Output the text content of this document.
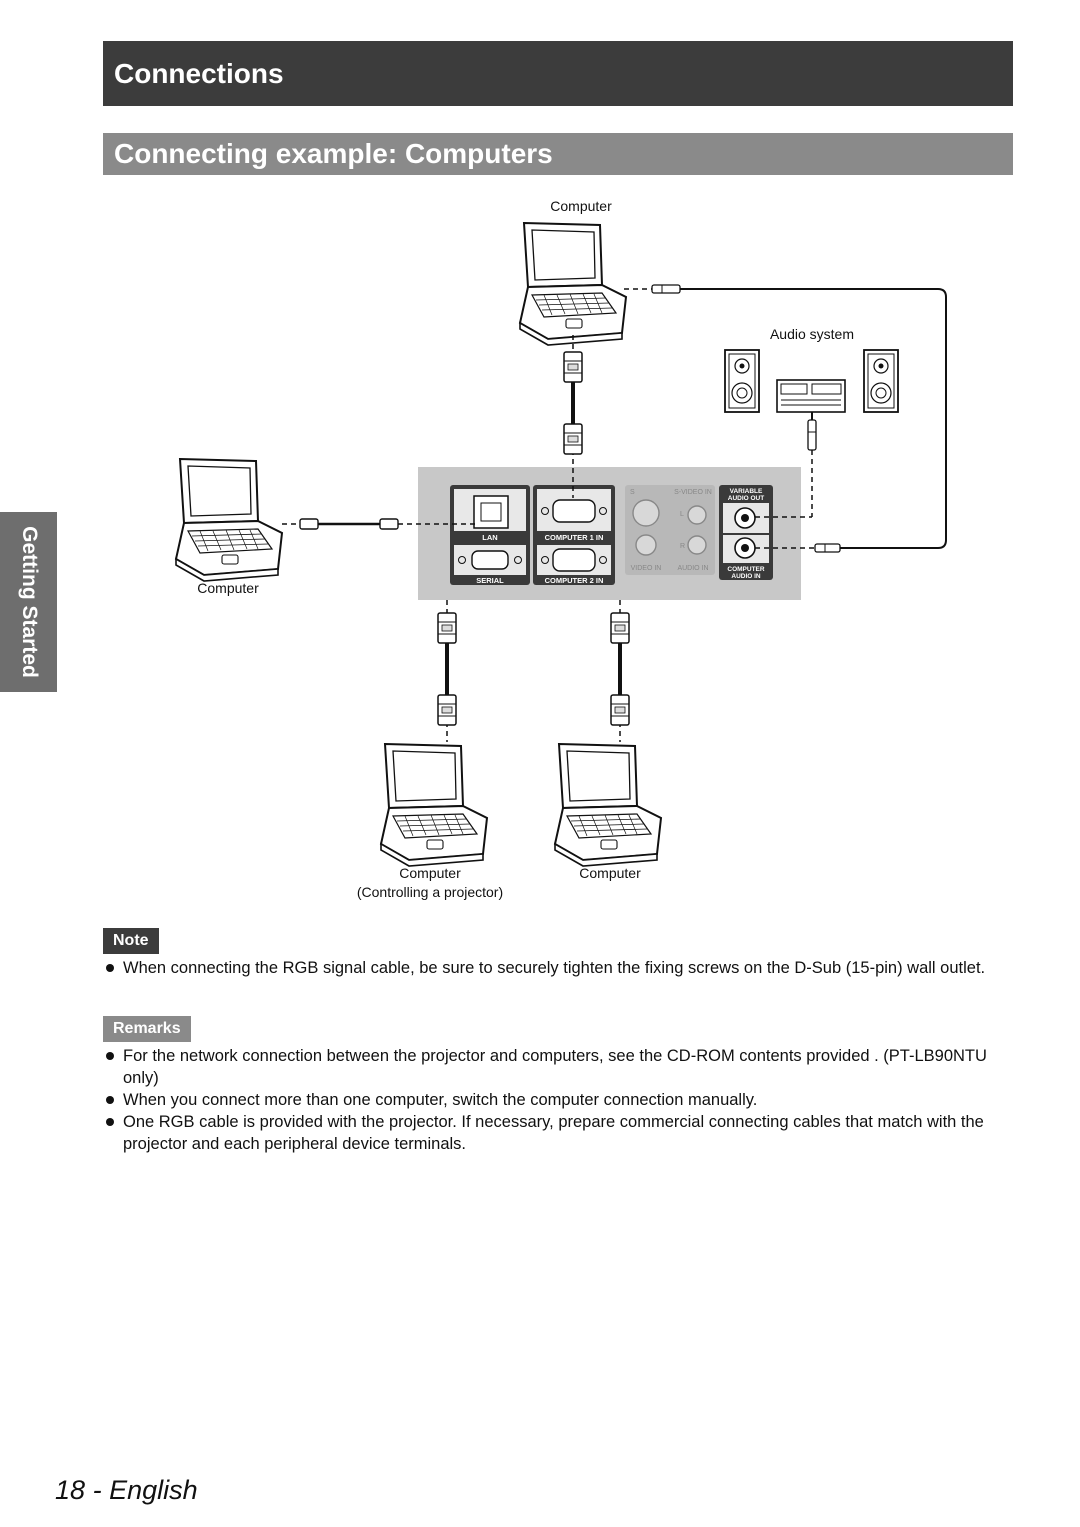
Connections
Connecting example: Computers
Getting Started
Computer
Computer
Computer
(Controlling a projector)
Computer
Audio system
LAN
SERIAL
COMPUTER 1 IN
COMPUTER 2 IN
S	S-VIDEO IN
L
R
VIDEO IN AUDIO IN
VARIABLE
AUDIO OUT
COMPUTER
AUDIO IN
Note
When connecting the RGB signal cable, be sure to securely tighten the fixing screws on the D-Sub (15-pin) wall outlet.
Remarks
For the network connection between the projector and computers, see the CD-ROM contents provided . (PT-LB90NTU only)
When you connect more than one computer, switch the computer connection manually.
One RGB cable is provided with the projector. If necessary, prepare commercial connecting cables that match with the projector and each peripheral device terminals.
18 - English
